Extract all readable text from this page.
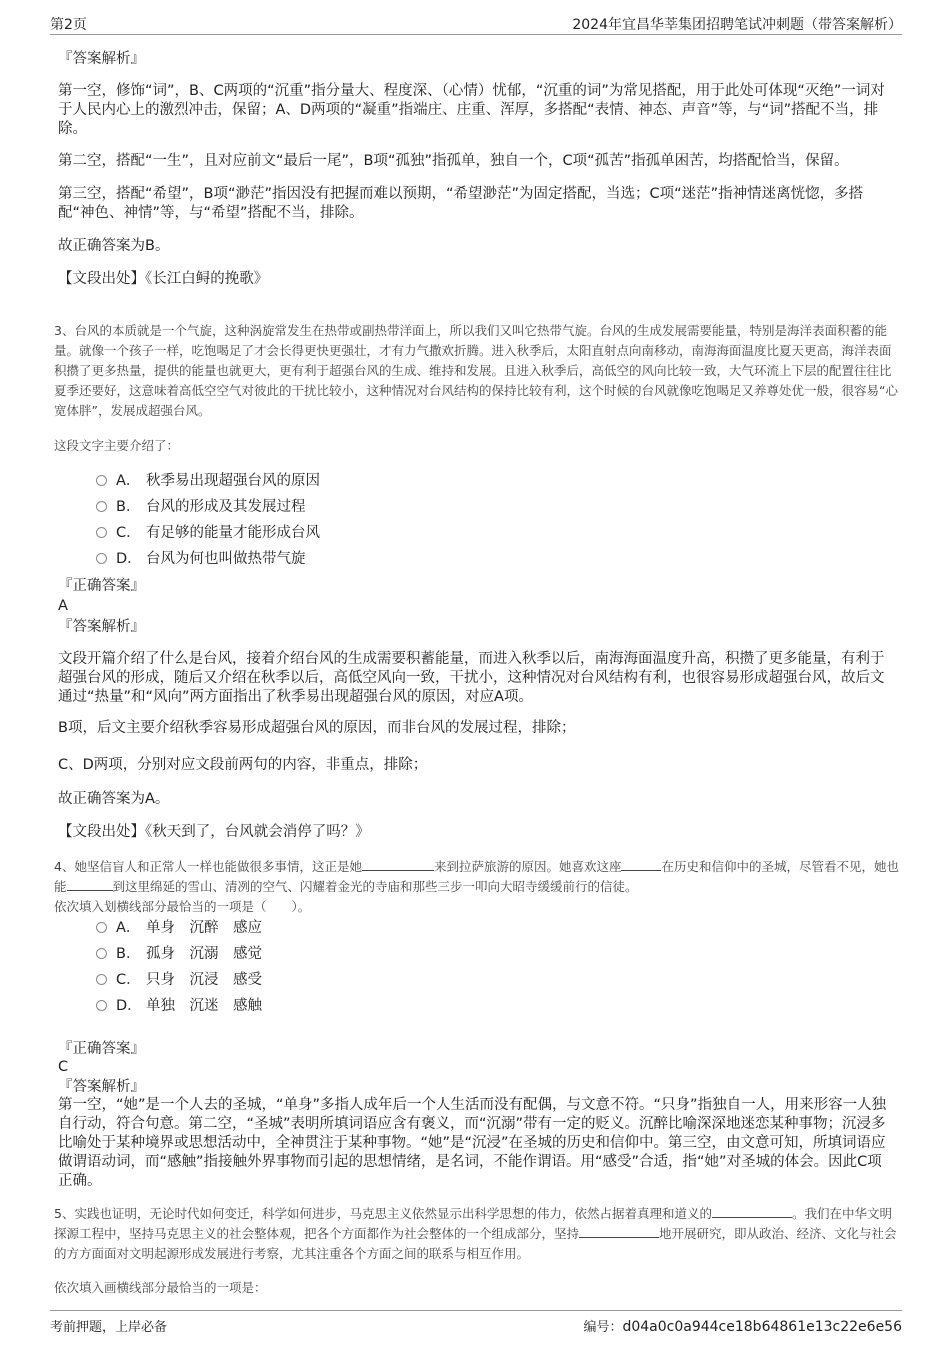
第2页	2024年宜昌华莘集团招聘笔试冲刺题（带答案解析）
『答案解析』
第一空，修饰“词”，B、C两项的“沉重”指分量大、程度深、（心情）忧郁，“沉重的词”为常见搭配，用于此处可体现“灭绝”一词对于人民内心上的激烈冲击，保留；A、D两项的“凝重”指端庄、庄重、浑厚，多搭配“表情、神态、声音”等，与“词”搭配不当，排除。
第二空，搭配“一生”，且对应前文“最后一尾”，B项“孤独”指孤单，独自一个，C项“孤苦”指孤单困苦，均搭配恰当，保留。
第三空，搭配“希望”，B项“渺茫”指因没有把握而难以预期，“希望渺茫”为固定搭配，当选；C项“迷茫”指神情迷离恍惚，多搭配“神色、神情”等，与“希望”搭配不当，排除。
故正确答案为B。
【文段出处】《长江白鲟的挽歌》
3、台风的本质就是一个气旋，这种涡旋常发生在热带或副热带洋面上，所以我们又叫它热带气旋。台风的生成发展需要能量，特别是海洋表面积蓄的能量。就像一个孩子一样，吃饱喝足了才会长得更快更强壮，才有力气撒欢折腾。进入秋季后，太阳直射点向南移动，南海海面温度比夏天更高，海洋表面积攒了更多热量，提供的能量也就更大，更有利于超强台风的生成、维持和发展。且进入秋季后，高低空的风向比较一致，大气环流上下层的配置往往比夏季还要好，这意味着高低空空气对彼此的干扰比较小，这种情况对台风结构的保持比较有利，这个时候的台风就像吃饱喝足又养尊处优一般，很容易“心宽体胖”，发展成超强台风。
这段文字主要介绍了：
A． 秋季易出现超强台风的原因
B． 台风的形成及其发展过程
C． 有足够的能量才能形成台风
D． 台风为何也叫做热带气旋
『正确答案』
A
『答案解析』
文段开篇介绍了什么是台风，接着介绍台风的生成需要积蓄能量，而进入秋季以后，南海海面温度升高，积攒了更多能量，有利于超强台风的形成，随后又介绍在秋季以后，高低空风向一致，干扰小，这种情况对台风结构有利，也很容易形成超强台风，故后文通过“热量”和“风向”两方面指出了秋季易出现超强台风的原因，对应A项。
B项，后文主要介绍秋季容易形成超强台风的原因，而非台风的发展过程，排除；
C、D两项，分别对应文段前两句的内容，非重点，排除；
故正确答案为A。
【文段出处】《秋天到了，台风就会消停了吗？》
4、她坚信盲人和正常人一样也能做很多事情，这正是她	来到拉萨旅游的原因。她喜欢这座	在历史和信仰中的圣城，尽管看不见，她也能	到这里绵延的雪山、清冽的空气、闪耀着金光的寺庙和那些三步一叩向大昭寺缓缓前行的信徒。
依次填入划横线部分最恰当的一项是（　　）。
A． 单身　沉醉　感应
B． 孤身　沉溺　感觉
C． 只身　沉浸　感受
D． 单独　沉迷　感触
『正确答案』
C
『答案解析』
第一空，“她”是一个人去的圣城，“单身”多指人成年后一个人生活而没有配偶，与文意不符。“只身”指独自一人，用来形容一人独自行动，符合句意。第二空，“圣城”表明所填词语应含有褒义，而“沉溺”带有一定的贬义。沉醉比喻深深地迷恋某种事物；沉浸多比喻处于某种境界或思想活动中，全神贯注于某种事物。“她”是“沉浸”在圣城的历史和信仰中。第三空，由文意可知，所填词语应做谓语动词，而“感触”指接触外界事物而引起的思想情绪，是名词，不能作谓语。用“感受”合适，指“她”对圣城的体会。因此C项正确。
5、实践也证明，无论时代如何变迁，科学如何进步，马克思主义依然显示出科学思想的伟力，依然占据着真理和道义的	。我们在中华文明探源工程中，坚持马克思主义的社会整体观，把各个方面都作为社会整体的一个组成部分，坚持	地开展研究，即从政治、经济、文化与社会的方方面面对文明起源形成发展进行考察，尤其注重各个方面之间的联系与相互作用。
依次填入画横线部分最恰当的一项是：
考前押题，上岸必备	编号：d04a0c0a944ce18b64861e13c22e6e56
